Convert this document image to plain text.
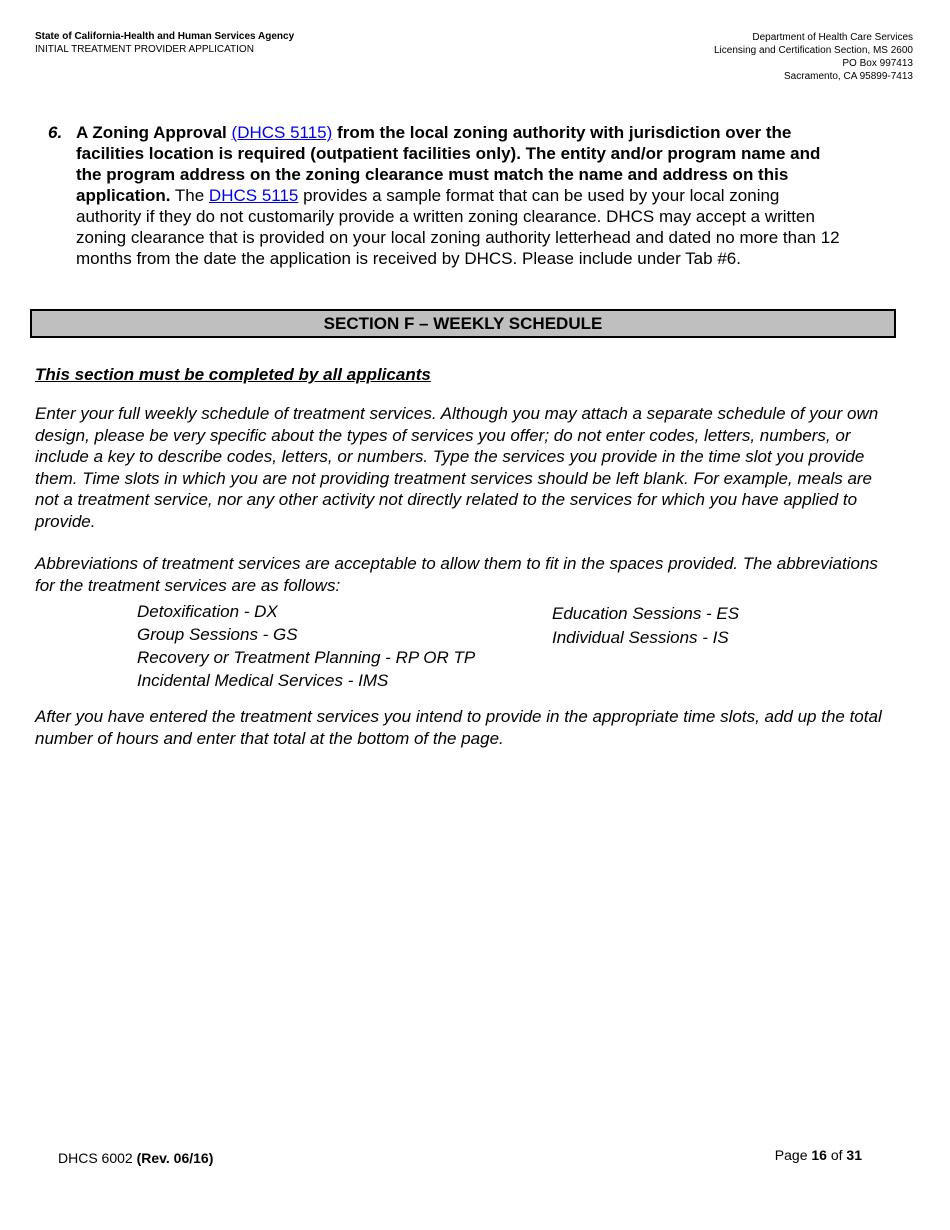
State of California-Health and Human Services Agency
INITIAL TREATMENT PROVIDER APPLICATION
Department of Health Care Services
Licensing and Certification Section, MS 2600
PO Box 997413
Sacramento, CA 95899-7413
6. A Zoning Approval (DHCS 5115) from the local zoning authority with jurisdiction over the facilities location is required (outpatient facilities only). The entity and/or program name and the program address on the zoning clearance must match the name and address on this application. The DHCS 5115 provides a sample format that can be used by your local zoning authority if they do not customarily provide a written zoning clearance. DHCS may accept a written zoning clearance that is provided on your local zoning authority letterhead and dated no more than 12 months from the date the application is received by DHCS. Please include under Tab #6.
SECTION F – WEEKLY SCHEDULE
This section must be completed by all applicants
Enter your full weekly schedule of treatment services. Although you may attach a separate schedule of your own design, please be very specific about the types of services you offer; do not enter codes, letters, numbers, or include a key to describe codes, letters, or numbers. Type the services you provide in the time slot you provide them. Time slots in which you are not providing treatment services should be left blank. For example, meals are not a treatment service, nor any other activity not directly related to the services for which you have applied to provide.
Abbreviations of treatment services are acceptable to allow them to fit in the spaces provided. The abbreviations for the treatment services are as follows:
Detoxification - DX
Group Sessions - GS
Recovery or Treatment Planning - RP OR TP
Incidental Medical Services - IMS
Education Sessions - ES
Individual Sessions - IS
After you have entered the treatment services you intend to provide in the appropriate time slots, add up the total number of hours and enter that total at the bottom of the page.
DHCS 6002 (Rev. 06/16)	Page 16 of 31
